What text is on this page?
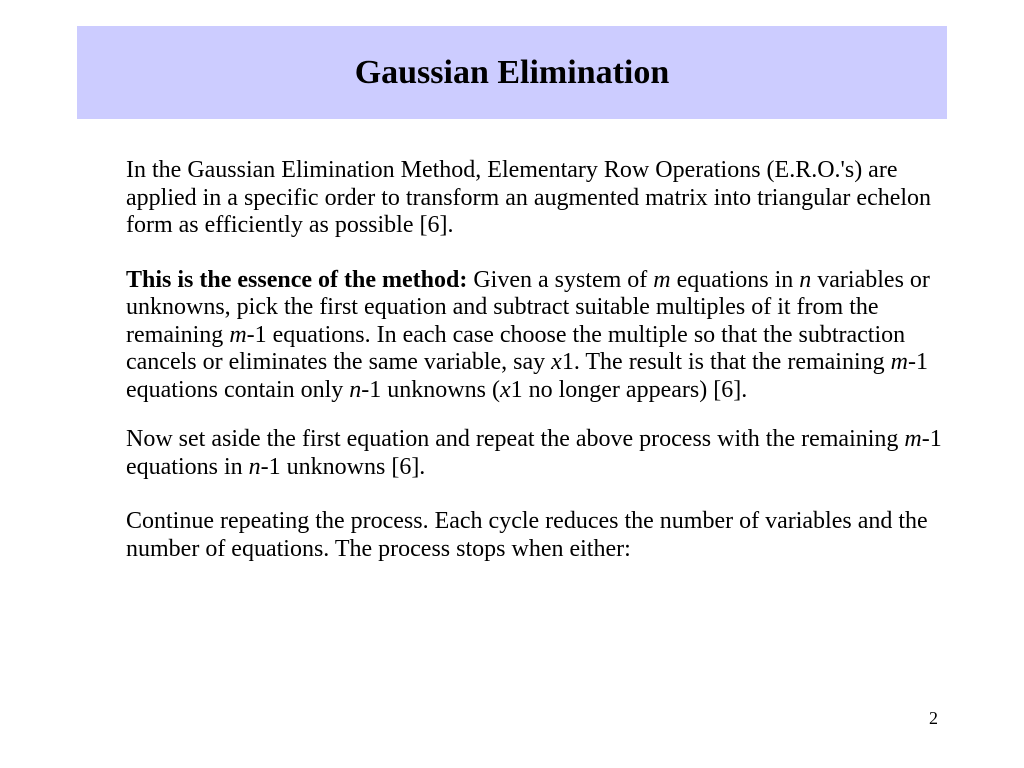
Gaussian Elimination

In the Gaussian Elimination Method, Elementary Row Operations (E.R.O.'s) are applied in a specific order to transform an augmented matrix into triangular echelon form as efficiently as possible [6].

This is the essence of the method: Given a system of m equations in n variables or unknowns, pick the first equation and subtract suitable multiples of it from the remaining m-1 equations. In each case choose the multiple so that the subtraction cancels or eliminates the same variable, say x1. The result is that the remaining m-1 equations contain only n-1 unknowns (x1 no longer appears) [6].

Now set aside the first equation and repeat the above process with the remaining m-1 equations in n-1 unknowns [6].

Continue repeating the process. Each cycle reduces the number of variables and the number of equations. The process stops when either:

2
